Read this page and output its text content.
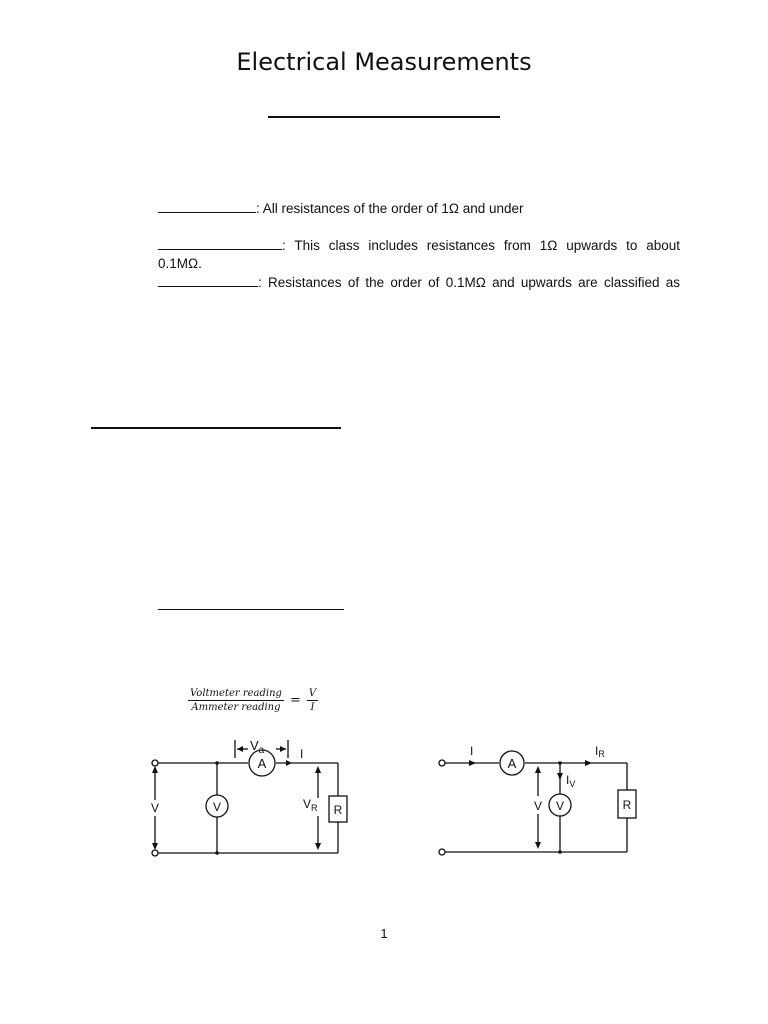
Electrical Measurements
: All resistances of the order of 1Ω and under
: This class includes resistances from 1Ω upwards to about
0.1MΩ.
: Resistances of the order of 0.1MΩ and upwards are classified as
$\frac{\text{Voltmeter reading}}{\text{Ammeter reading}} = \frac{V}{I}$
A
V	R
V
$V_a$	I
$V_R$
A
V	R
I	IR
$I_V$
V
1
